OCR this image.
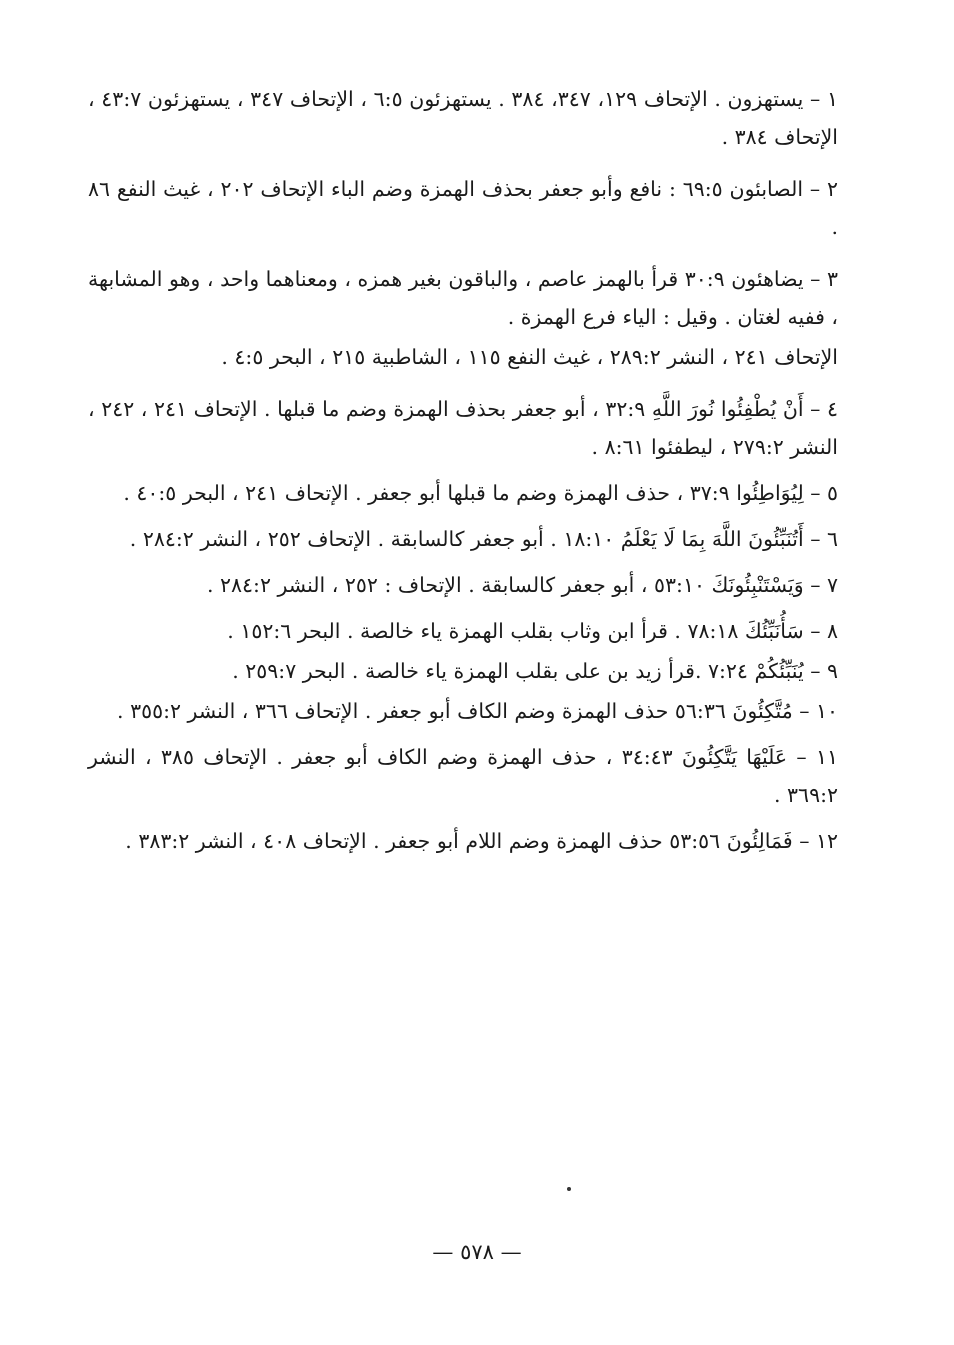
١ – يستهزون . الإتحاف ١٢٩، ٣٤٧، ٣٨٤ . يستهزئون ٦:٥ ، الإتحاف ٣٤٧ ، يستهزئون ٤٣:٧ ، الإتحاف ٣٨٤ .

٢ – الصابئون ٦٩:٥ : نافع وأبو جعفر بحذف الهمزة وضم الباء الإتحاف ٢٠٢ ، غيث النفع ٨٦ .

٣ – يضاهئون ٣٠:٩ قرأ بالهمز عاصم ، والباقون بغير همزه ، ومعناهما واحد ، وهو المشابهة ، ففيه لغتان . وقيل : الياء فرع الهمزة .

الإتحاف ٢٤١ ، النشر ٢٨٩:٢ ، غيث النفع ١١٥ ، الشاطبية ٢١٥ ، البحر ٤:٥ .

٤ – أَنْ يُطْفِئُوا نُورَ اللَّهِ ٣٢:٩ ، أبو جعفر بحذف الهمزة وضم ما قبلها . الإتحاف ٢٤١ ، ٢٤٢ ، النشر ٢٧٩:٢ ، ليطفئوا ٨:٦١ .

٥ – لِيُوَاطِئُوا ٣٧:٩ ، حذف الهمزة وضم ما قبلها أبو جعفر . الإتحاف ٢٤١ ، البحر ٤٠:٥ .

٦ – أَتُنَبِّئُونَ اللَّهَ بِمَا لَا يَعْلَمُ ١٨:١٠ . أبو جعفر كالسابقة . الإتحاف ٢٥٢ ، النشر ٢٨٤:٢ .

٧ – وَيَسْتَنْبِئُونَكَ ٥٣:١٠ ، أبو جعفر كالسابقة . الإتحاف : ٢٥٢ ، النشر ٢٨٤:٢ .

٨ – سَأُنَبِّئُكَ ٧٨:١٨ . قرأ ابن وثاب بقلب الهمزة ياء خالصة . البحر ١٥٢:٦ .

٩ – يُنَبِّئُكُمْ ٧:٢٤ .قرأ زيد بن على بقلب الهمزة ياء خالصة . البحر ٢٥٩:٧ .

١٠ – مُتَّكِئُونَ ٥٦:٣٦ حذف الهمزة وضم الكاف أبو جعفر . الإتحاف ٣٦٦ ، النشر ٣٥٥:٢ .

١١ – عَلَيْهَا يَتَّكِئُونَ ٣٤:٤٣ ، حذف الهمزة وضم الكاف أبو جعفر . الإتحاف ٣٨٥ ، النشر ٣٦٩:٢ .

١٢ – فَمَالِئُونَ ٥٣:٥٦ حذف الهمزة وضم اللام أبو جعفر . الإتحاف ٤٠٨ ، النشر ٣٨٣:٢ .

— ٥٧٨ —
